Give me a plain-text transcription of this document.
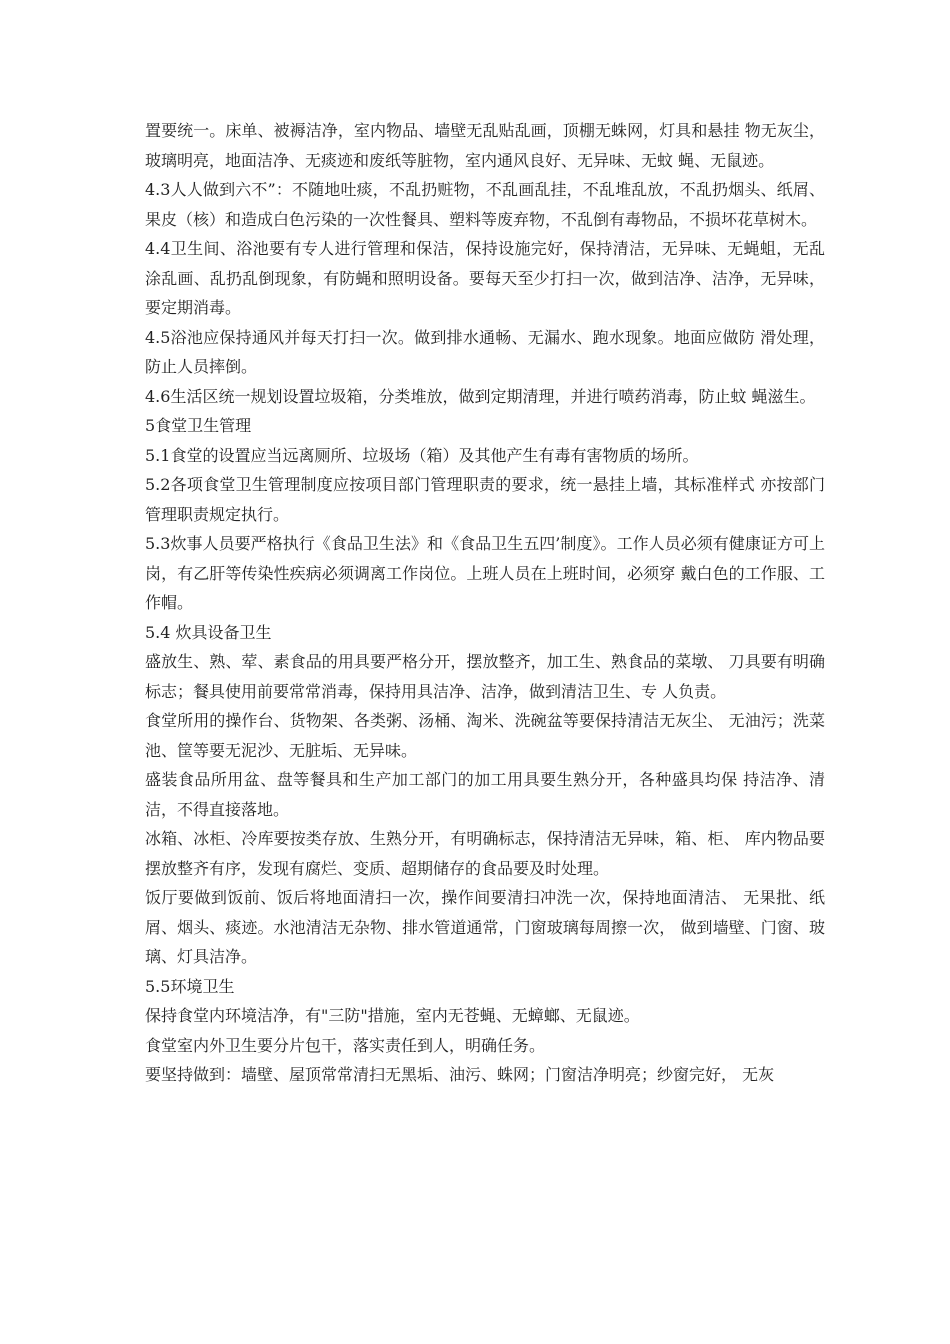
置要统一。床单、被褥洁净，室内物品、墙壁无乱贴乱画，顶棚无蛛网，灯具和悬挂 物无灰尘，玻璃明亮，地面洁净、无痰迹和废纸等脏物，室内通风良好、无异味、无蚊 蝇、无鼠迹。

4.3人人做到六不”：不随地吐痰，不乱扔赃物，不乱画乱挂，不乱堆乱放，不乱扔烟头、纸屑、果皮（核）和造成白色污染的一次性餐具、塑料等废弃物，不乱倒有毒物品，不损坏花草树木。

4.4卫生间、浴池要有专人进行管理和保洁，保持设施完好，保持清洁，无异味、无蝇蛆，无乱涂乱画、乱扔乱倒现象，有防蝇和照明设备。要每天至少打扫一次，做到洁净、洁净，无异味，要定期消毒。

4.5浴池应保持通风并每天打扫一次。做到排水通畅、无漏水、跑水现象。地面应做防 滑处理，防止人员摔倒。

4.6生活区统一规划设置垃圾箱，分类堆放，做到定期清理，并进行喷药消毒，防止蚊 蝇滋生。

5食堂卫生管理

5.1食堂的设置应当远离厕所、垃圾场（箱）及其他产生有毒有害物质的场所。

5.2各项食堂卫生管理制度应按项目部门管理职责的要求，统一悬挂上墙，其标准样式 亦按部门管理职责规定执行。

5.3炊事人员要严格执行《食品卫生法》和《食品卫生五四’制度》。工作人员必须有健康证方可上岗，有乙肝等传染性疾病必须调离工作岗位。上班人员在上班时间，必须穿 戴白色的工作服、工作帽。

5.4 炊具设备卫生

盛放生、熟、荤、素食品的用具要严格分开，摆放整齐，加工生、熟食品的菜墩、 刀具要有明确标志；餐具使用前要常常消毒，保持用具洁净、洁净，做到清洁卫生、专 人负责。

食堂所用的操作台、货物架、各类粥、汤桶、淘米、洗碗盆等要保持清洁无灰尘、 无油污；洗菜池、筐等要无泥沙、无脏垢、无异味。

盛装食品所用盆、盘等餐具和生产加工部门的加工用具要生熟分开，各种盛具均保 持洁净、清洁，不得直接落地。

冰箱、冰柜、冷库要按类存放、生熟分开，有明确标志，保持清洁无异味，箱、柜、 库内物品要摆放整齐有序，发现有腐烂、变质、超期储存的食品要及时处理。

饭厅要做到饭前、饭后将地面清扫一次，操作间要清扫冲洗一次，保持地面清洁、 无果批、纸屑、烟头、痰迹。水池清洁无杂物、排水管道通常，门窗玻璃每周擦一次， 做到墙壁、门窗、玻璃、灯具洁净。

5.5环境卫生

保持食堂内环境洁净，有"三防"措施，室内无苍蝇、无蟑螂、无鼠迹。

食堂室内外卫生要分片包干，落实责任到人，明确任务。

要坚持做到：墙壁、屋顶常常清扫无黑垢、油污、蛛网；门窗洁净明亮；纱窗完好， 无灰
